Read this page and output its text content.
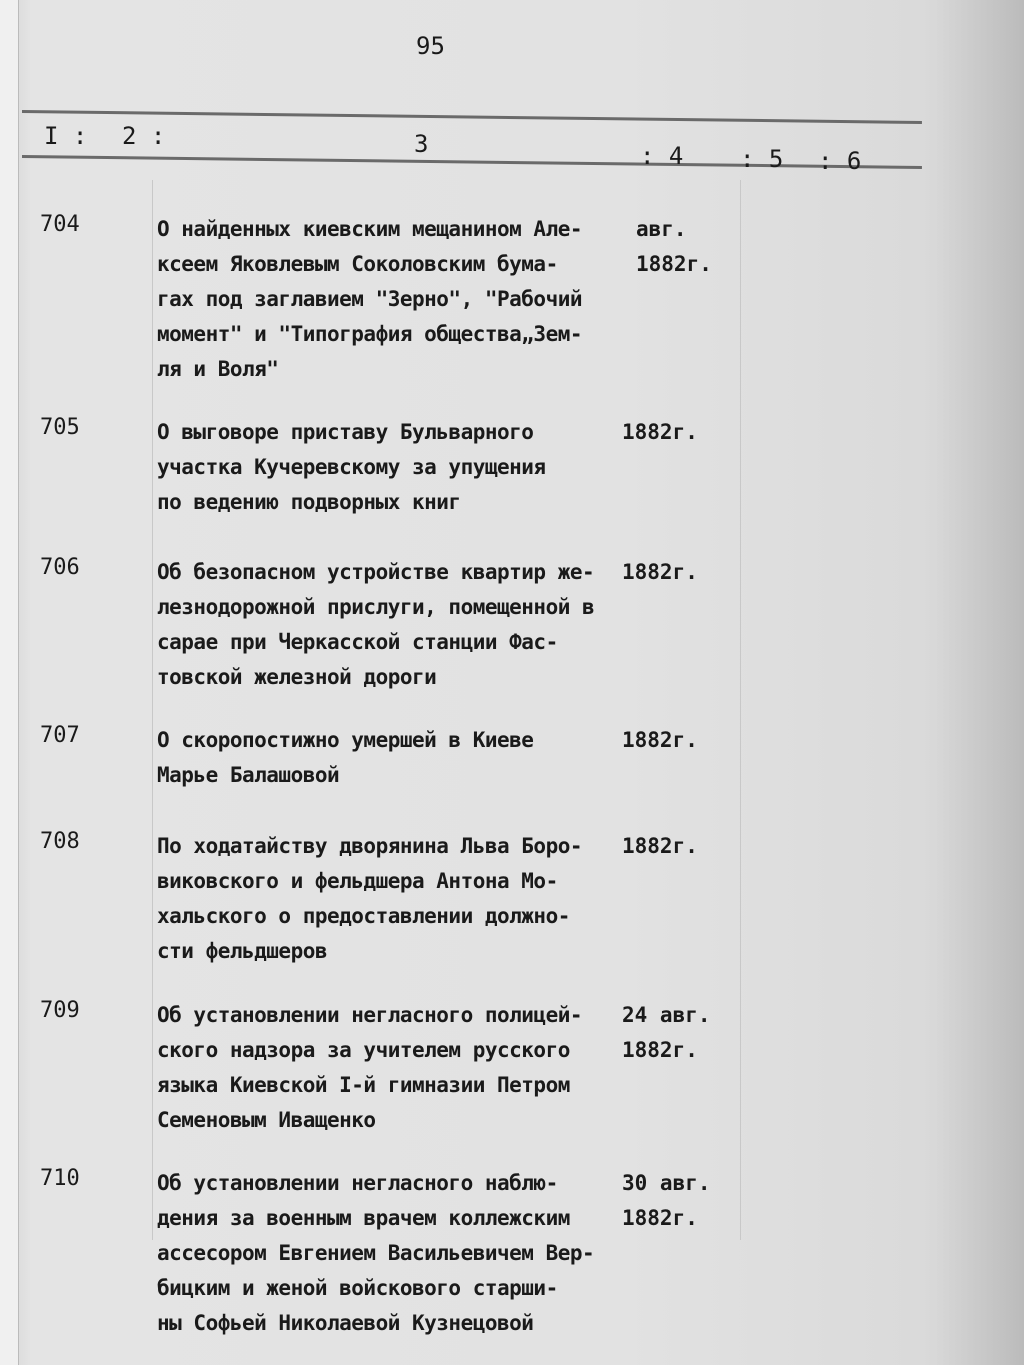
95
I : 2 :	3	: 4 : 5 : 6
704	О найденных киевским мещанином Але-
ксеем Яковлевым Соколовским бума-
гах под заглавием "Зерно", "Рабочий
момент" и "Типография общества„Зем-
ля и Воля"
авг.
1882г.
705	О выговоре приставу Бульварного
участка Кучеревскому за упущения
по ведению подворных книг
1882г.
706	Об безопасном устройстве квартир же-
лезнодорожной прислуги, помещенной в
сарае при Черкасской станции Фас-
товской железной дороги
1882г.
707	О скоропостижно умершей в Киеве
Марье Балашовой
1882г.
708	По ходатайству дворянина Льва Боро-
виковского и фельдшера Антона Мо-
хальского о предоставлении должно-
сти фельдшеров
1882г.
709	Об установлении негласного полицей-
ского надзора за учителем русского
языка Киевской I-й гимназии Петром
Семеновым Иващенко
24 авг.
1882г.
710	Об установлении негласного наблю-
дения за военным врачем коллежским
ассесором Евгением Васильевичем Вер-
бицким и женой войскового старши-
ны Софьей Николаевой Кузнецовой
30 авг.
1882г.
